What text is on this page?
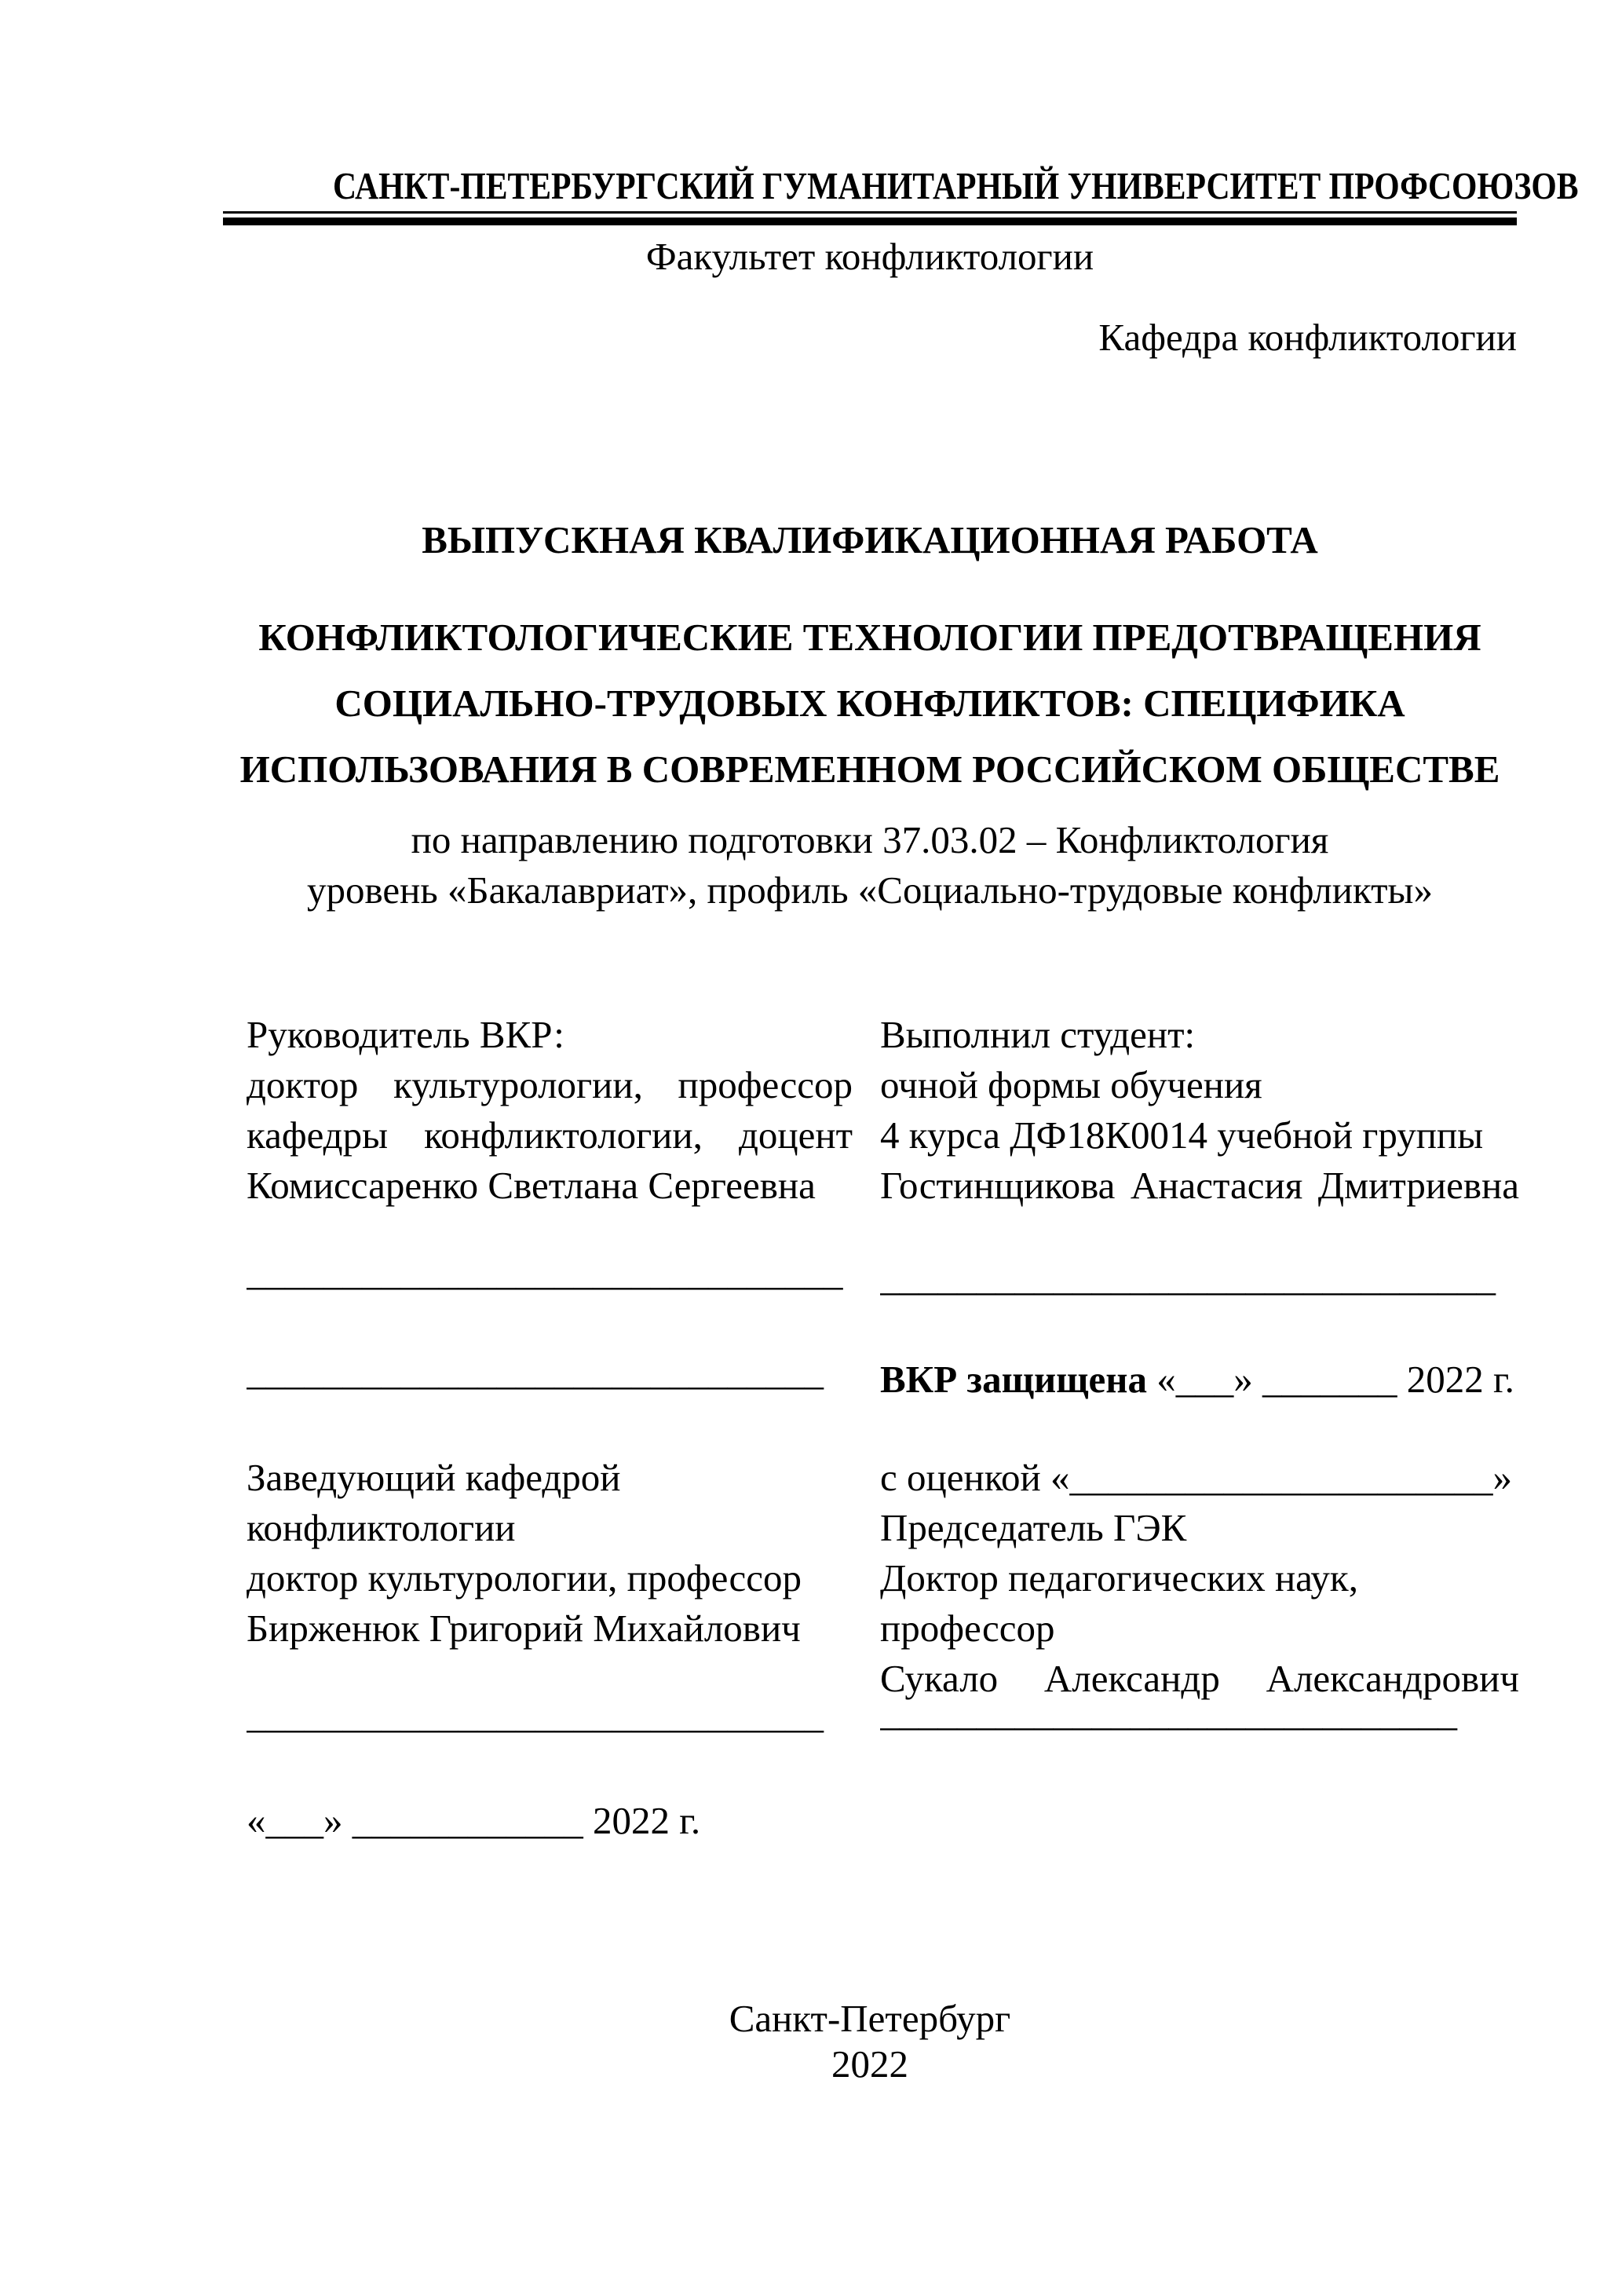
САНКТ-ПЕТЕРБУРГСКИЙ ГУМАНИТАРНЫЙ УНИВЕРСИТЕТ ПРОФСОЮЗОВ
Факультет конфликтологии
Кафедра конфликтологии
ВЫПУСКНАЯ КВАЛИФИКАЦИОННАЯ РАБОТА
КОНФЛИКТОЛОГИЧЕСКИЕ ТЕХНОЛОГИИ ПРЕДОТВРАЩЕНИЯ
СОЦИАЛЬНО-ТРУДОВЫХ КОНФЛИКТОВ: СПЕЦИФИКА
ИСПОЛЬЗОВАНИЯ В СОВРЕМЕННОМ РОССИЙСКОМ ОБЩЕСТВЕ
по направлению подготовки 37.03.02 – Конфликтология
уровень «Бакалавриат», профиль «Социально-трудовые конфликты»
Руководитель ВКР:
доктор культурологии, профессор
кафедры конфликтологии, доцент
Комиссаренко Светлана Сергеевна
_______________________________
______________________________
Заведующий кафедрой
конфликтологии
доктор культурологии, профессор
Бирженюк Григорий Михайлович
______________________________
«___» ____________ 2022 г.
Выполнил студент:
очной формы обучения
4 курса ДФ18К0014 учебной группы
Гостинщикова Анастасия Дмитриевна
________________________________
ВКР защищена «___» _______ 2022 г.
с оценкой «______________________»
Председатель ГЭК
Доктор педагогических наук,
профессор
Сукало Александр Александрович
______________________________
Санкт-Петербург
2022
